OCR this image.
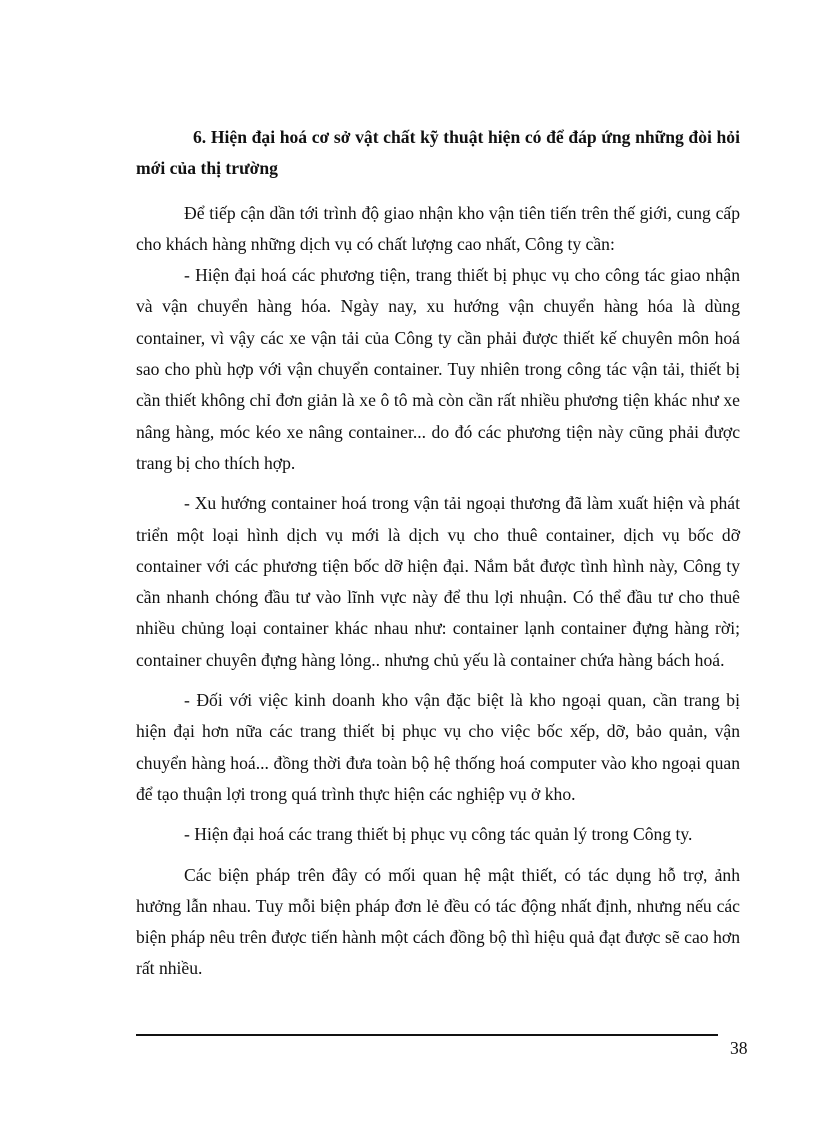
6. Hiện đại hoá cơ sở vật chất kỹ thuật hiện có để đáp ứng những đòi hỏi mới của thị trường

Để tiếp cận dần tới trình độ giao nhận kho vận tiên tiến trên thế giới, cung cấp cho khách hàng những dịch vụ có chất lượng cao nhất, Công ty cần:

- Hiện đại hoá các phương tiện, trang thiết bị phục vụ cho công tác giao nhận và vận chuyển hàng hóa. Ngày nay, xu hướng vận chuyển hàng hóa là dùng container, vì vậy các xe vận tải của Công ty cần phải được thiết kế chuyên môn hoá sao cho phù hợp với vận chuyển container. Tuy nhiên trong công tác vận tải, thiết bị cần thiết không chỉ đơn giản là xe ô tô mà còn cần rất nhiều phương tiện khác như xe nâng hàng, móc kéo xe nâng container... do đó các phương tiện này cũng phải được trang bị cho thích hợp.

- Xu hướng container hoá trong vận tải ngoại thương đã làm xuất hiện và phát triển một loại hình dịch vụ mới là dịch vụ cho thuê container, dịch vụ bốc dỡ container với các phương tiện bốc dỡ hiện đại. Nắm bắt được tình hình này, Công ty cần nhanh chóng đầu tư vào lĩnh vực này để thu lợi nhuận. Có thể đầu tư cho thuê nhiều chủng loại container khác nhau như: container lạnh container đựng hàng rời; container chuyên đựng hàng lỏng.. nhưng chủ yếu là container chứa hàng bách hoá.

- Đối với việc kinh doanh kho vận đặc biệt là kho ngoại quan, cần trang bị hiện đại hơn nữa các trang thiết bị phục vụ cho việc bốc xếp, dỡ, bảo quản, vận chuyển hàng hoá... đồng thời đưa toàn bộ hệ thống hoá computer vào kho ngoại quan để tạo thuận lợi trong quá trình thực hiện các nghiệp vụ ở kho.

- Hiện đại hoá các trang thiết bị phục vụ công tác quản lý trong Công ty.

Các biện pháp trên đây có mối quan hệ mật thiết, có tác dụng hỗ trợ, ảnh hưởng lẫn nhau. Tuy mỗi biện pháp đơn lẻ đều có tác động nhất định, nhưng nếu các biện pháp nêu trên được tiến hành một cách đồng bộ thì hiệu quả đạt được sẽ cao hơn rất nhiều.

38
